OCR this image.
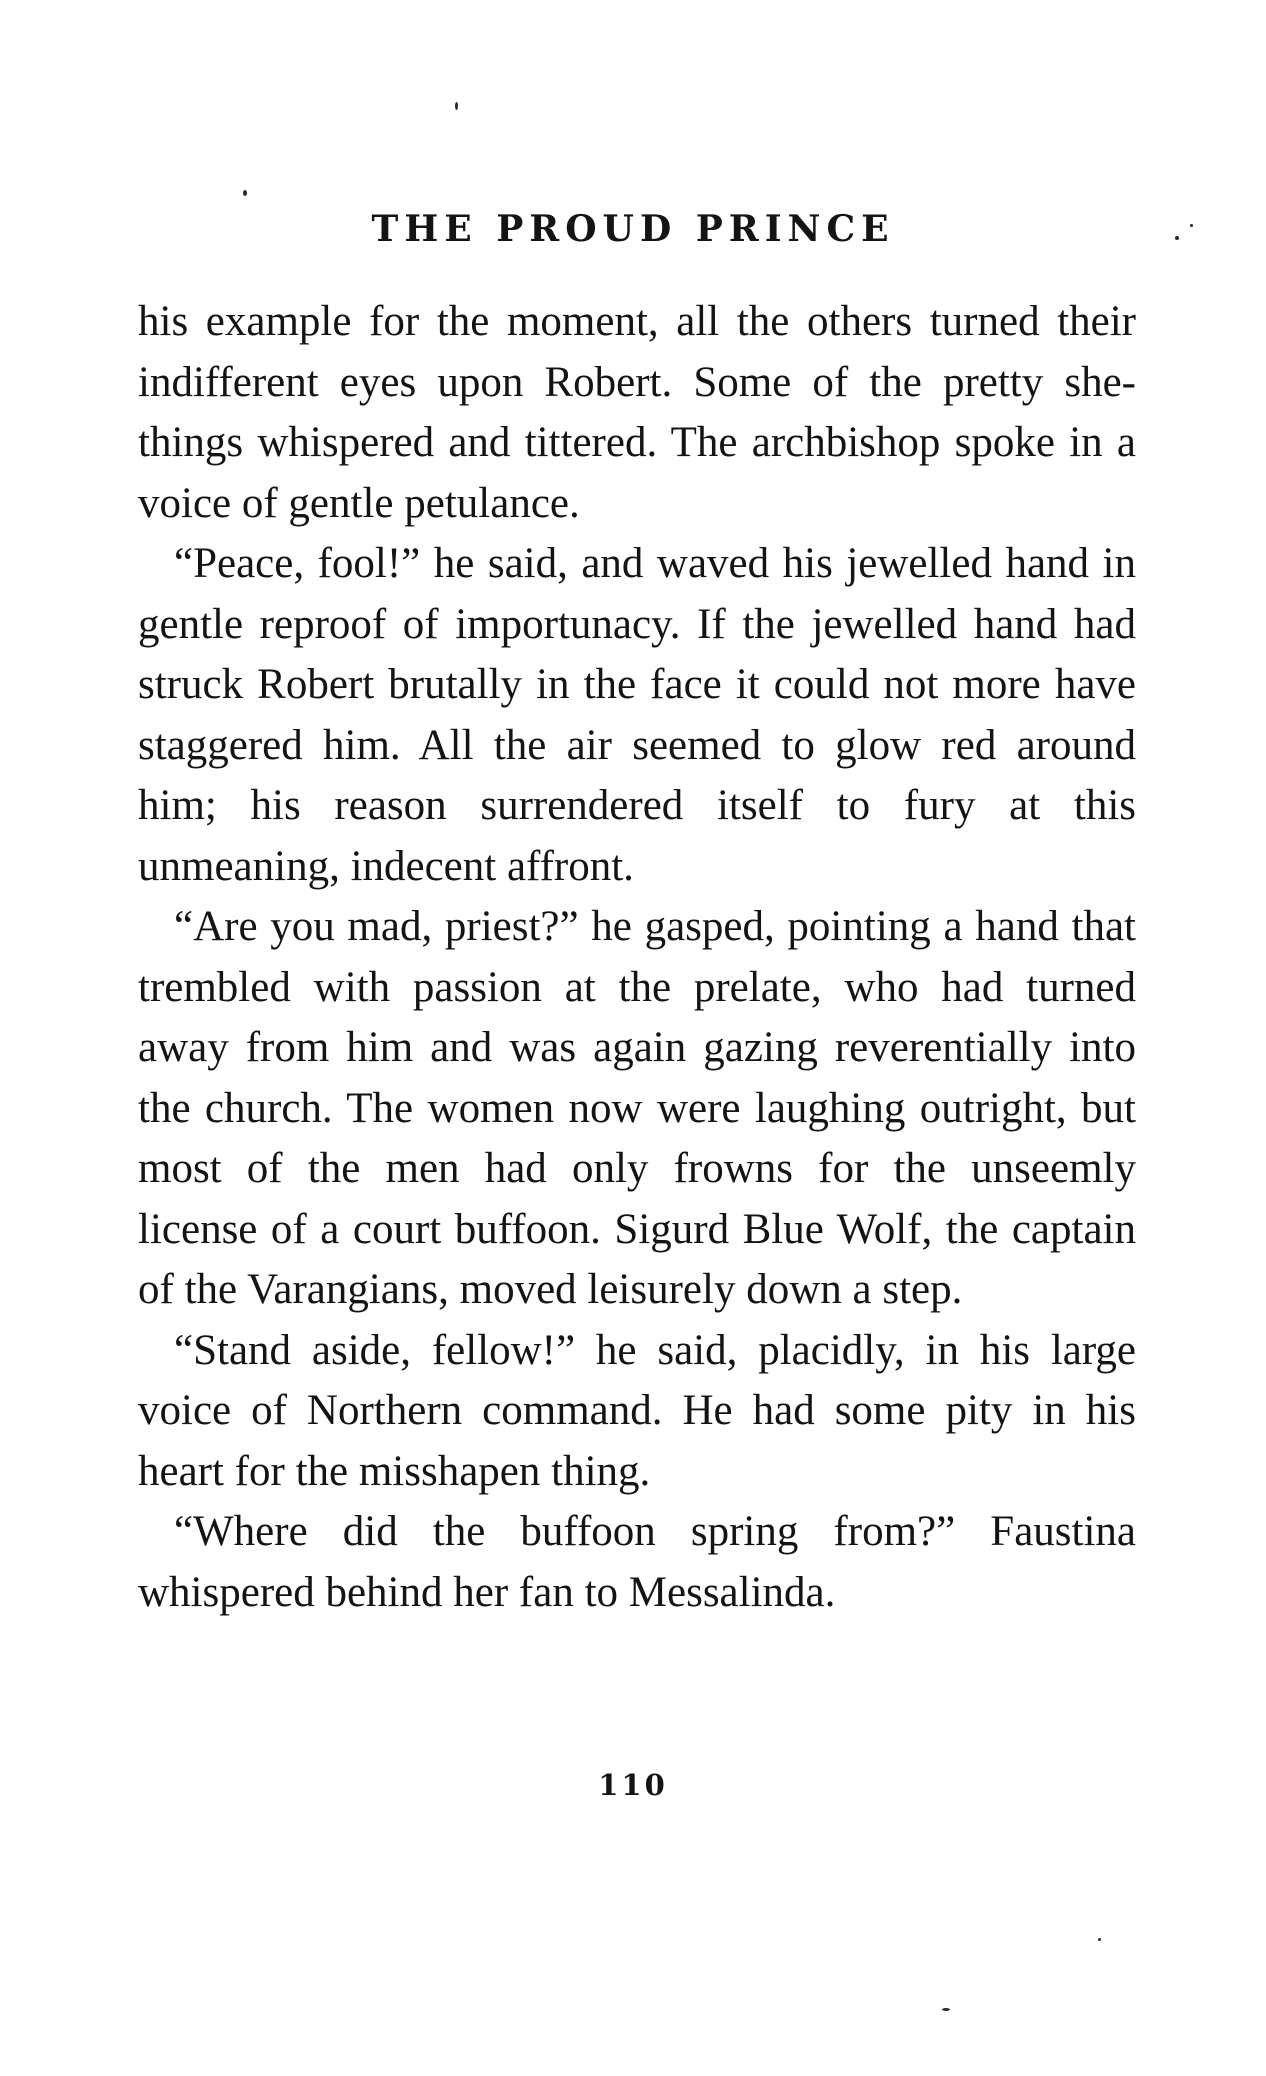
THE PROUD PRINCE

his example for the moment, all the others turned their indifferent eyes upon Robert. Some of the pretty she-things whispered and tittered. The archbishop spoke in a voice of gentle petulance.

“Peace, fool!” he said, and waved his jewelled hand in gentle reproof of importunacy. If the jewelled hand had struck Robert brutally in the face it could not more have staggered him. All the air seemed to glow red around him; his reason surrendered itself to fury at this unmeaning, indecent affront.

“Are you mad, priest?” he gasped, pointing a hand that trembled with passion at the prelate, who had turned away from him and was again gazing reverentially into the church. The women now were laughing outright, but most of the men had only frowns for the unseemly license of a court buffoon. Sigurd Blue Wolf, the captain of the Varangians, moved leisurely down a step.

“Stand aside, fellow!” he said, placidly, in his large voice of Northern command. He had some pity in his heart for the misshapen thing.

“Where did the buffoon spring from?” Faustina whispered behind her fan to Messalinda.

110
